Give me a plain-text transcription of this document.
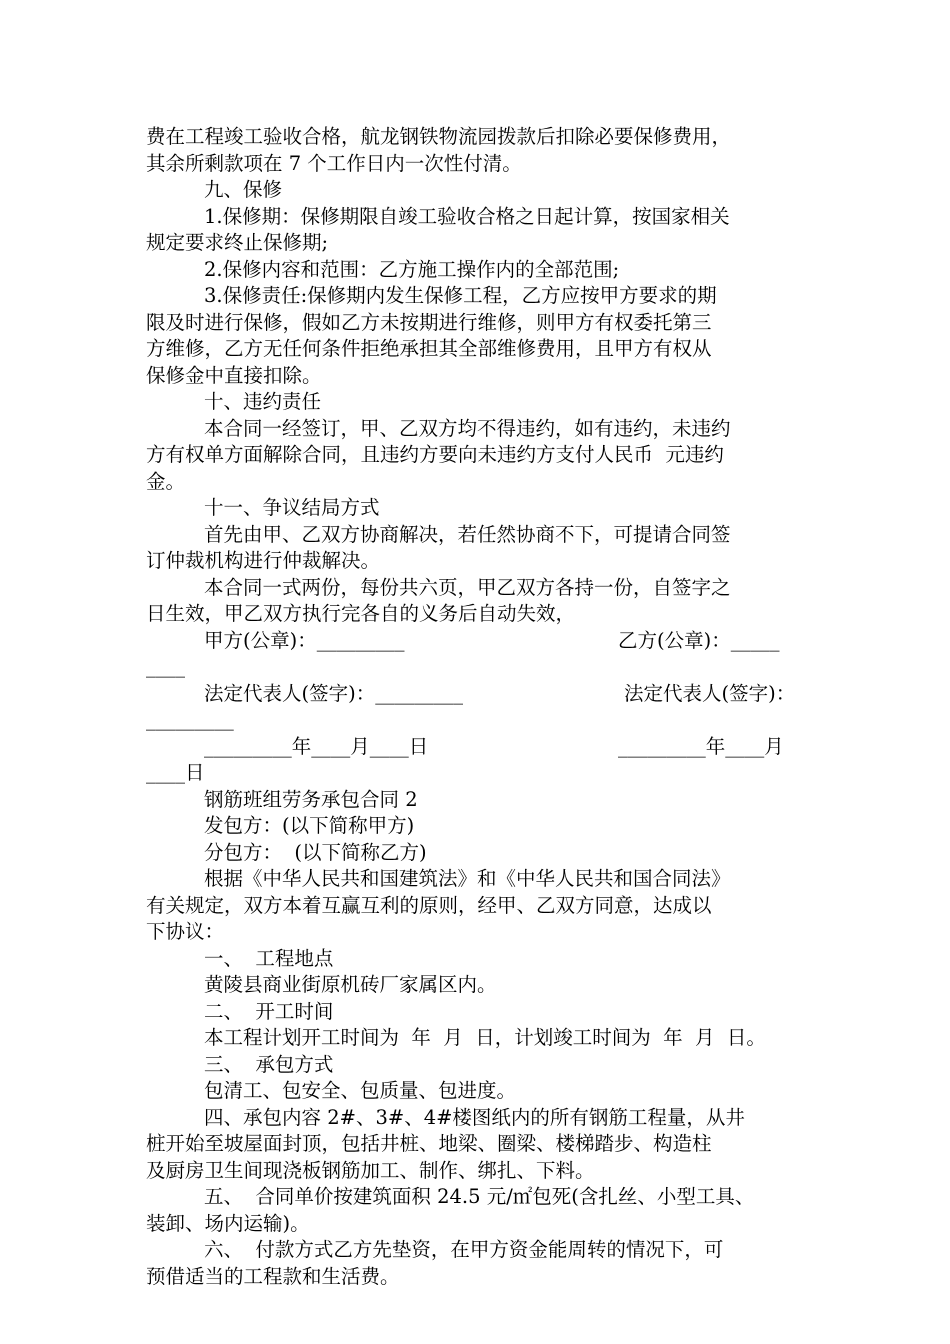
费在工程竣工验收合格，航龙钢铁物流园拨款后扣除必要保修费用，

其余所剩款项在 7 个工作日内一次性付清。

九、保修

1.保修期：保修期限自竣工验收合格之日起计算，按国家相关

规定要求终止保修期;

2.保修内容和范围：乙方施工操作内的全部范围;

3.保修责任:保修期内发生保修工程，乙方应按甲方要求的期

限及时进行保修，假如乙方未按期进行维修，则甲方有权委托第三

方维修，乙方无任何条件拒绝承担其全部维修费用，且甲方有权从

保修金中直接扣除。

十、违约责任

本合同一经签订，甲、乙双方均不得违约，如有违约，未违约

方有权单方面解除合同，且违约方要向未违约方支付人民币  元违约

金。

十一、争议结局方式

首先由甲、乙双方协商解决，若任然协商不下，可提请合同签

订仲裁机构进行仲裁解决。

本合同一式两份，每份共六页，甲乙双方各持一份，自签字之

日生效，甲乙双方执行完各自的义务后自动失效，

甲方(公章)：_________	乙方(公章)：_____

____

法定代表人(签字)：_________	法定代表人(签字)：

_________

_________年____月____日	_________年____月

____日

钢筋班组劳务承包合同 2

发包方：(以下简称甲方)

分包方：  (以下简称乙方)

根据《中华人民共和国建筑法》和《中华人民共和国合同法》

有关规定，双方本着互赢互利的原则，经甲、乙双方同意，达成以

下协议：

一、  工程地点

黄陵县商业街原机砖厂家属区内。

二、  开工时间

本工程计划开工时间为  年  月  日，计划竣工时间为  年  月  日。

三、  承包方式

包清工、包安全、包质量、包进度。

四、承包内容 2#、3#、4#楼图纸内的所有钢筋工程量，从井

桩开始至坡屋面封顶，包括井桩、地梁、圈梁、楼梯踏步、构造柱

及厨房卫生间现浇板钢筋加工、制作、绑扎、下料。

五、  合同单价按建筑面积 24.5 元/㎡包死(含扎丝、小型工具、

装卸、场内运输)。

六、  付款方式乙方先垫资，在甲方资金能周转的情况下，可

预借适当的工程款和生活费。
